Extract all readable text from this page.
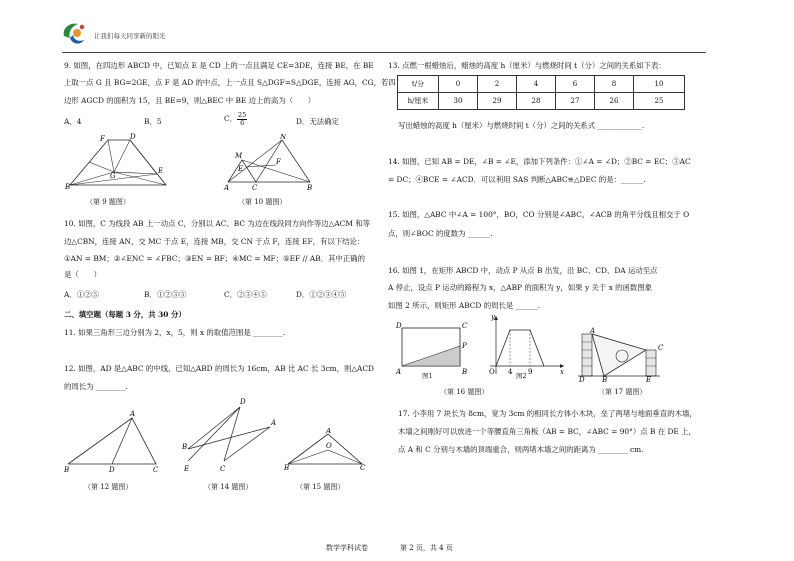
让我们每天同享新的阳光
9. 如图，在四边形 ABCD 中，已知点 E 是 CD 上的一点且满足 CE=3DE，连接 BE，在 BE
上取一点 G 且 BG=2GE，点 F 是 AD 的中点，上一点且 S△DGF=S△DGE，连接 AG，CG，若四
边形 AGCD 的面积为 15，且 BE=9，则△BEC 中 BE 边上的高为（　　）
A．4	B．5	C． $\frac{25}{6}$	D．无法确定
F	D
G
E
B
（第 9 题图）
N
M
E
F
A	C	B
（第 10 题图）
10. 如图，C 为线段 AB 上一动点 C，分别以 AC、BC 为边在线段同方向作等边△ACM 和等
边△CBN，连接 AN，交 MC 于点 E，连接 MB，交 CN 于点 F，连接 EF，有以下结论：
①AN = BM；②∠ENC = ∠FBC；③EN = BF；④MC = MF；⑤EF // AB．其中正确的
是（　　）
A．①②⑤	B．①②③⑤	C．②③④⑤	D．①②③④⑤
二、填空题（每题 3 分，共 30 分）
11. 如果三角形三边分别为 2，x，5，则 x 的取值范围是 ________.
12. 如图，AD 是△ABC 的中线，已知△ABD 的周长为 16cm，AB 比 AC 长 3cm，则△ACD
的周长为 ________.
A
B	D	C
（第 12 题图）
D
A
B
E	C
（第 14 题图）
A
O
B	C
（第 15 题图）
13. 点燃一根蜡烛后，蜡烛的高度 h（厘米）与燃烧时间 t（分）之间的关系如下表：
t/分	0	2	4	6	8	10
h/厘米	30	29	28	27	26	25
写出蜡烛的高度 h（厘米）与燃烧时间 t（分）之间的关系式 ____________.
14. 如图，已知 AB = DE，∠B = ∠E，添加下列条件：①∠A = ∠D；②BC = EC；③AC
= DC；④BCE = ∠ACD．可以利用 SAS 判断△ABC≌△DEC 的是：______.
15. 如图，△ABC 中∠A = 100°，BO，CO 分别是∠ABC，∠ACB 的角平分线且相交于 O
点，则∠BOC 的度数为 ______.
16. 如图 1，在矩形 ABCD 中，动点 P 从点 B 出发，沿 BC、CD、DA 运动至点
A 停止，设点 P 运动的路程为 x，△ABP 的面积为 y，如果 y 关于 x 的函数图象
如图 2 所示，则矩形 ABCD 的周长是 ______.
D	C
P
A	B
图1
y
x
O 4 9
图2
（第 16 题图）
A
C
D B	E
（第 17 题图）
17. 小李用 7 块长为 8cm，宽为 3cm 的相同长方体小木块，垒了两堵与地面垂直的木墙，
木墙之间刚好可以放进一个等腰直角三角板（AB = BC，∠ABC = 90°）点 B 在 DE 上，
点 A 和 C 分别与木墙的顶端重合，则两堵木墙之间的距离为 ________ cm.
数学学科试卷	第 2 页，共 4 页
